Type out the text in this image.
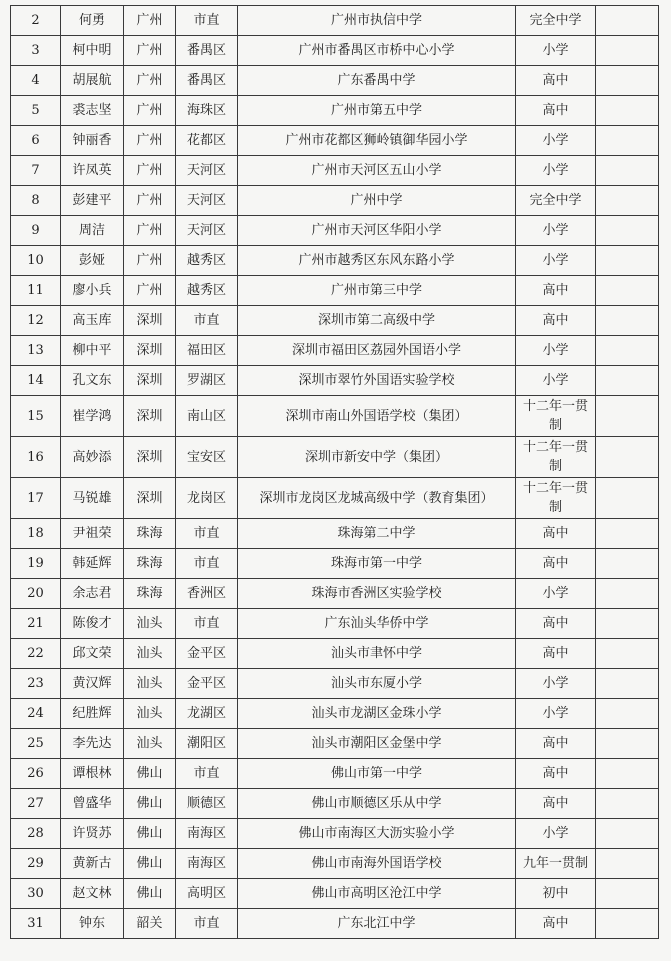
2	何勇	广州	市直	广州市执信中学	完全中学	
3	柯中明	广州	番禺区	广州市番禺区市桥中心小学	小学	
4	胡展航	广州	番禺区	广东番禺中学	高中	
5	裘志坚	广州	海珠区	广州市第五中学	高中	
6	钟丽香	广州	花都区	广州市花都区狮岭镇御华园小学	小学	
7	许凤英	广州	天河区	广州市天河区五山小学	小学	
8	彭建平	广州	天河区	广州中学	完全中学	
9	周洁	广州	天河区	广州市天河区华阳小学	小学	
10	彭娅	广州	越秀区	广州市越秀区东风东路小学	小学	
11	廖小兵	广州	越秀区	广州市第三中学	高中	
12	高玉库	深圳	市直	深圳市第二高级中学	高中	
13	柳中平	深圳	福田区	深圳市福田区荔园外国语小学	小学	
14	孔文东	深圳	罗湖区	深圳市翠竹外国语实验学校	小学	
15	崔学鸿	深圳	南山区	深圳市南山外国语学校（集团）	十二年一贯制	
16	高妙添	深圳	宝安区	深圳市新安中学（集团）	十二年一贯制	
17	马锐雄	深圳	龙岗区	深圳市龙岗区龙城高级中学（教育集团）	十二年一贯制	
18	尹祖荣	珠海	市直	珠海第二中学	高中	
19	韩延辉	珠海	市直	珠海市第一中学	高中	
20	余志君	珠海	香洲区	珠海市香洲区实验学校	小学	
21	陈俊才	汕头	市直	广东汕头华侨中学	高中	
22	邱文荣	汕头	金平区	汕头市聿怀中学	高中	
23	黄汉辉	汕头	金平区	汕头市东厦小学	小学	
24	纪胜辉	汕头	龙湖区	汕头市龙湖区金珠小学	小学	
25	李先达	汕头	潮阳区	汕头市潮阳区金堡中学	高中	
26	谭根林	佛山	市直	佛山市第一中学	高中	
27	曾盛华	佛山	顺德区	佛山市顺德区乐从中学	高中	
28	许贤苏	佛山	南海区	佛山市南海区大沥实验小学	小学	
29	黄新古	佛山	南海区	佛山市南海外国语学校	九年一贯制	
30	赵文林	佛山	高明区	佛山市高明区沧江中学	初中	
31	钟东	韶关	市直	广东北江中学	高中	
